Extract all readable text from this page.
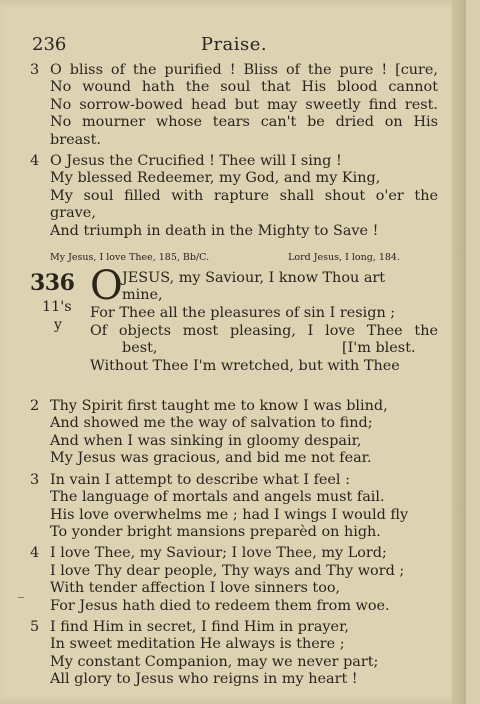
236	Praise.
3 O bliss of the purified ! Bliss of the pure ! [cure,
No wound hath the soul that His blood cannot
No sorrow-bowed head but may sweetly find rest.
No mourner whose tears can't be dried on His
breast.
4 O Jesus the Crucified ! Thee will I sing !
My blessed Redeemer, my God, and my King,
My soul filled with rapture shall shout o'er the
grave,
And triumph in death in the Mighty to Save !
My Jesus, I love Thee, 185, Bb/C.	Lord Jesus, I long, 184.
336
11's
y
O JESUS, my Saviour, I know Thou art
mine,
For Thee all the pleasures of sin I resign ;
Of objects most pleasing, I love Thee the
best,	[I'm blest.
Without Thee I'm wretched, but with Thee
2 Thy Spirit first taught me to know I was blind,
And showed me the way of salvation to find;
And when I was sinking in gloomy despair,
My Jesus was gracious, and bid me not fear.
3 In vain I attempt to describe what I feel :
The language of mortals and angels must fail.
His love overwhelms me ; had I wings I would fly
To yonder bright mansions preparèd on high.
4 I love Thee, my Saviour; I love Thee, my Lord;
I love Thy dear people, Thy ways and Thy word ;
With tender affection I love sinners too,
‾ For Jesus hath died to redeem them from woe.
5 I find Him in secret, I find Him in prayer,
In sweet meditation He always is there ;
My constant Companion, may we never part;
All glory to Jesus who reigns in my heart !
